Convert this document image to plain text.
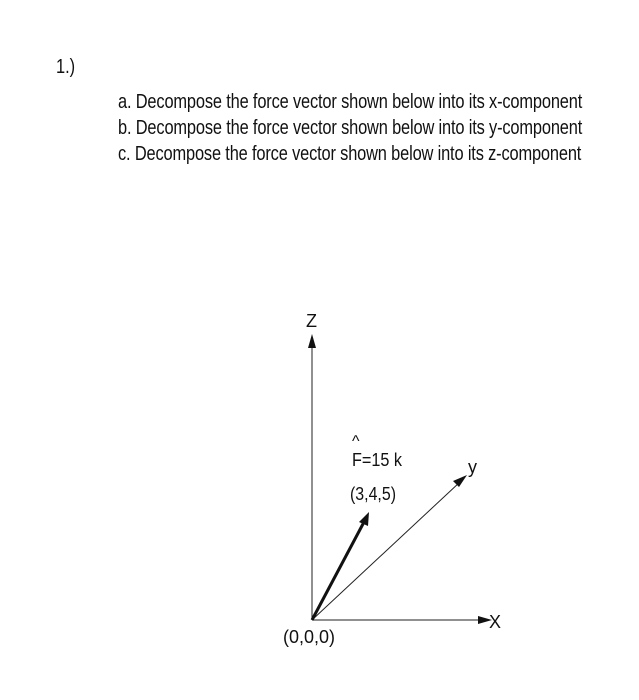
1.)
a. Decompose the force vector shown below into its x-component
b. Decompose the force vector shown below into its y-component
c. Decompose the force vector shown below into its z-component
Z
X
y
^
F=15 k
(3,4,5)
(0,0,0)
